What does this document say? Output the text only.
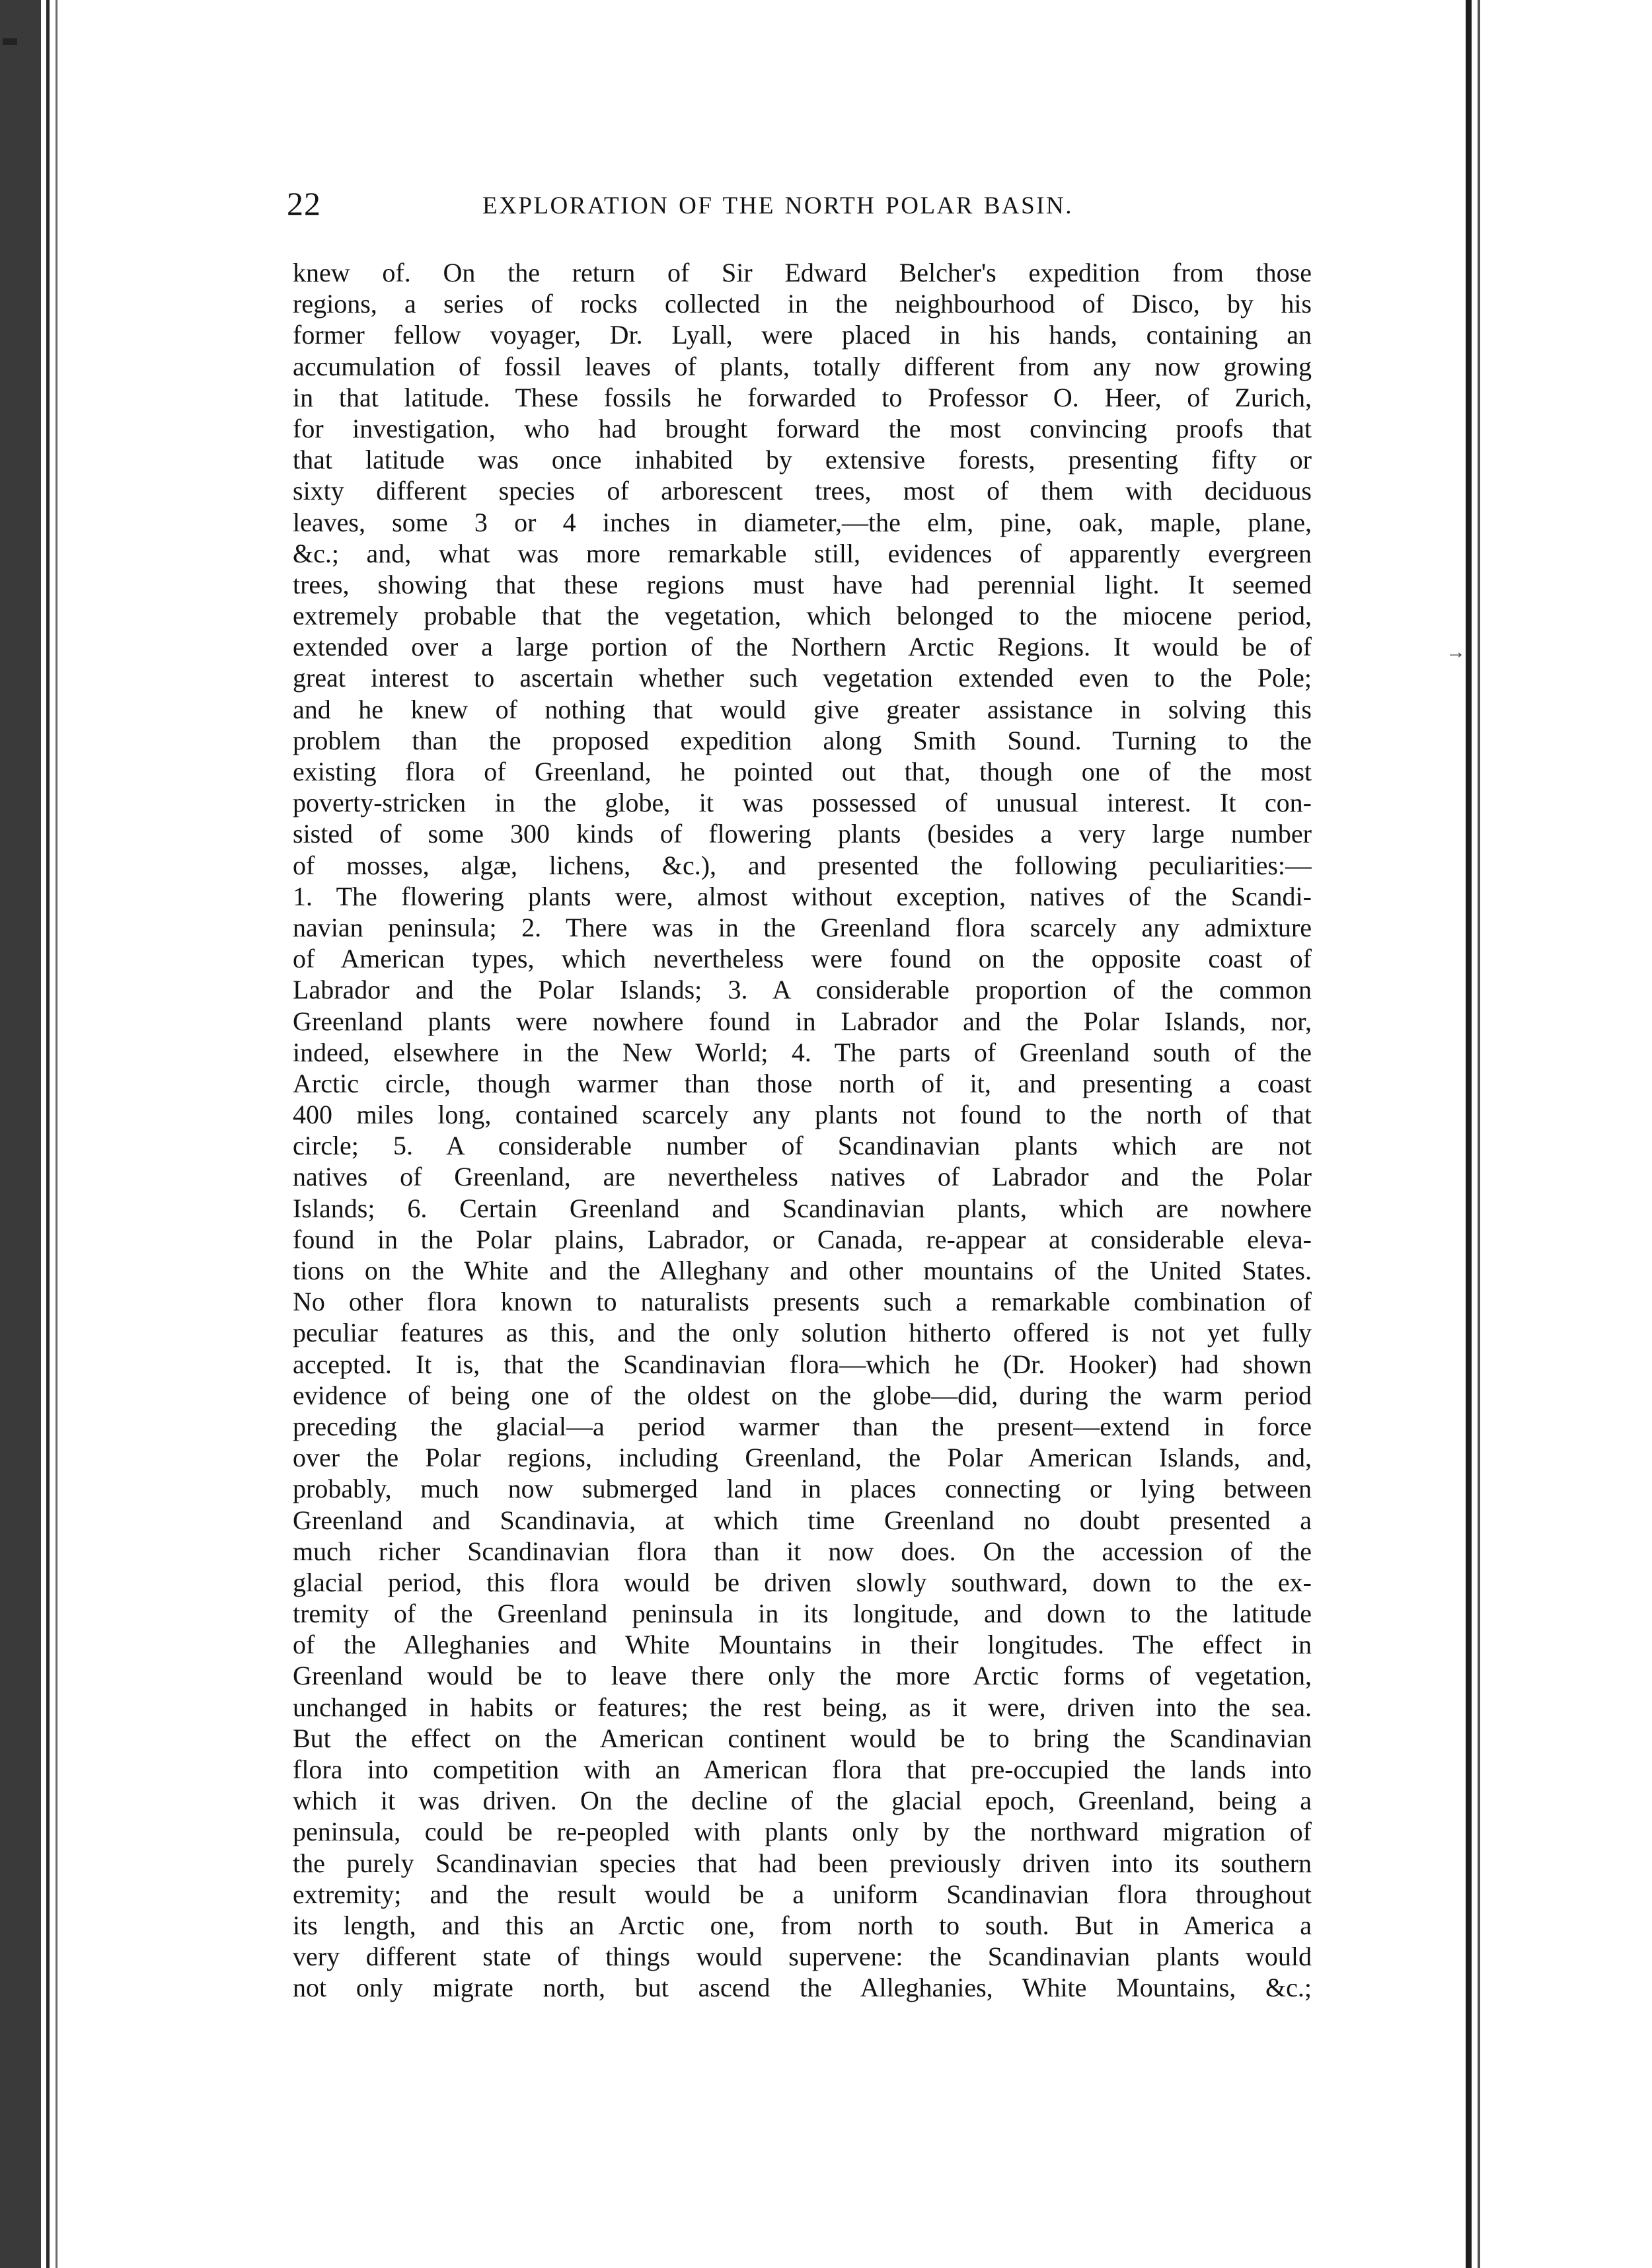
→
22	EXPLORATION OF THE NORTH POLAR BASIN.
knew of. On the return of Sir Edward Belcher's expedition from those
regions, a series of rocks collected in the neighbourhood of Disco, by his
former fellow voyager, Dr. Lyall, were placed in his hands, containing an
accumulation of fossil leaves of plants, totally different from any now growing
in that latitude. These fossils he forwarded to Professor O. Heer, of Zurich,
for investigation, who had brought forward the most convincing proofs that
that latitude was once inhabited by extensive forests, presenting fifty or
sixty different species of arborescent trees, most of them with deciduous
leaves, some 3 or 4 inches in diameter,—the elm, pine, oak, maple, plane,
&c.; and, what was more remarkable still, evidences of apparently evergreen
trees, showing that these regions must have had perennial light. It seemed
extremely probable that the vegetation, which belonged to the miocene period,
extended over a large portion of the Northern Arctic Regions. It would be of
great interest to ascertain whether such vegetation extended even to the Pole;
and he knew of nothing that would give greater assistance in solving this
problem than the proposed expedition along Smith Sound. Turning to the
existing flora of Greenland, he pointed out that, though one of the most
poverty-stricken in the globe, it was possessed of unusual interest. It con-
sisted of some 300 kinds of flowering plants (besides a very large number
of mosses, algæ, lichens, &c.), and presented the following peculiarities:—
1. The flowering plants were, almost without exception, natives of the Scandi-
navian peninsula; 2. There was in the Greenland flora scarcely any admixture
of American types, which nevertheless were found on the opposite coast of
Labrador and the Polar Islands; 3. A considerable proportion of the common
Greenland plants were nowhere found in Labrador and the Polar Islands, nor,
indeed, elsewhere in the New World; 4. The parts of Greenland south of the
Arctic circle, though warmer than those north of it, and presenting a coast
400 miles long, contained scarcely any plants not found to the north of that
circle; 5. A considerable number of Scandinavian plants which are not
natives of Greenland, are nevertheless natives of Labrador and the Polar
Islands; 6. Certain Greenland and Scandinavian plants, which are nowhere
found in the Polar plains, Labrador, or Canada, re-appear at considerable eleva-
tions on the White and the Alleghany and other mountains of the United States.
No other flora known to naturalists presents such a remarkable combination of
peculiar features as this, and the only solution hitherto offered is not yet fully
accepted. It is, that the Scandinavian flora—which he (Dr. Hooker) had shown
evidence of being one of the oldest on the globe—did, during the warm period
preceding the glacial—a period warmer than the present—extend in force
over the Polar regions, including Greenland, the Polar American Islands, and,
probably, much now submerged land in places connecting or lying between
Greenland and Scandinavia, at which time Greenland no doubt presented a
much richer Scandinavian flora than it now does. On the accession of the
glacial period, this flora would be driven slowly southward, down to the ex-
tremity of the Greenland peninsula in its longitude, and down to the latitude
of the Alleghanies and White Mountains in their longitudes. The effect in
Greenland would be to leave there only the more Arctic forms of vegetation,
unchanged in habits or features; the rest being, as it were, driven into the sea.
But the effect on the American continent would be to bring the Scandinavian
flora into competition with an American flora that pre-occupied the lands into
which it was driven. On the decline of the glacial epoch, Greenland, being a
peninsula, could be re-peopled with plants only by the northward migration of
the purely Scandinavian species that had been previously driven into its southern
extremity; and the result would be a uniform Scandinavian flora throughout
its length, and this an Arctic one, from north to south. But in America a
very different state of things would supervene: the Scandinavian plants would
not only migrate north, but ascend the Alleghanies, White Mountains, &c.;
